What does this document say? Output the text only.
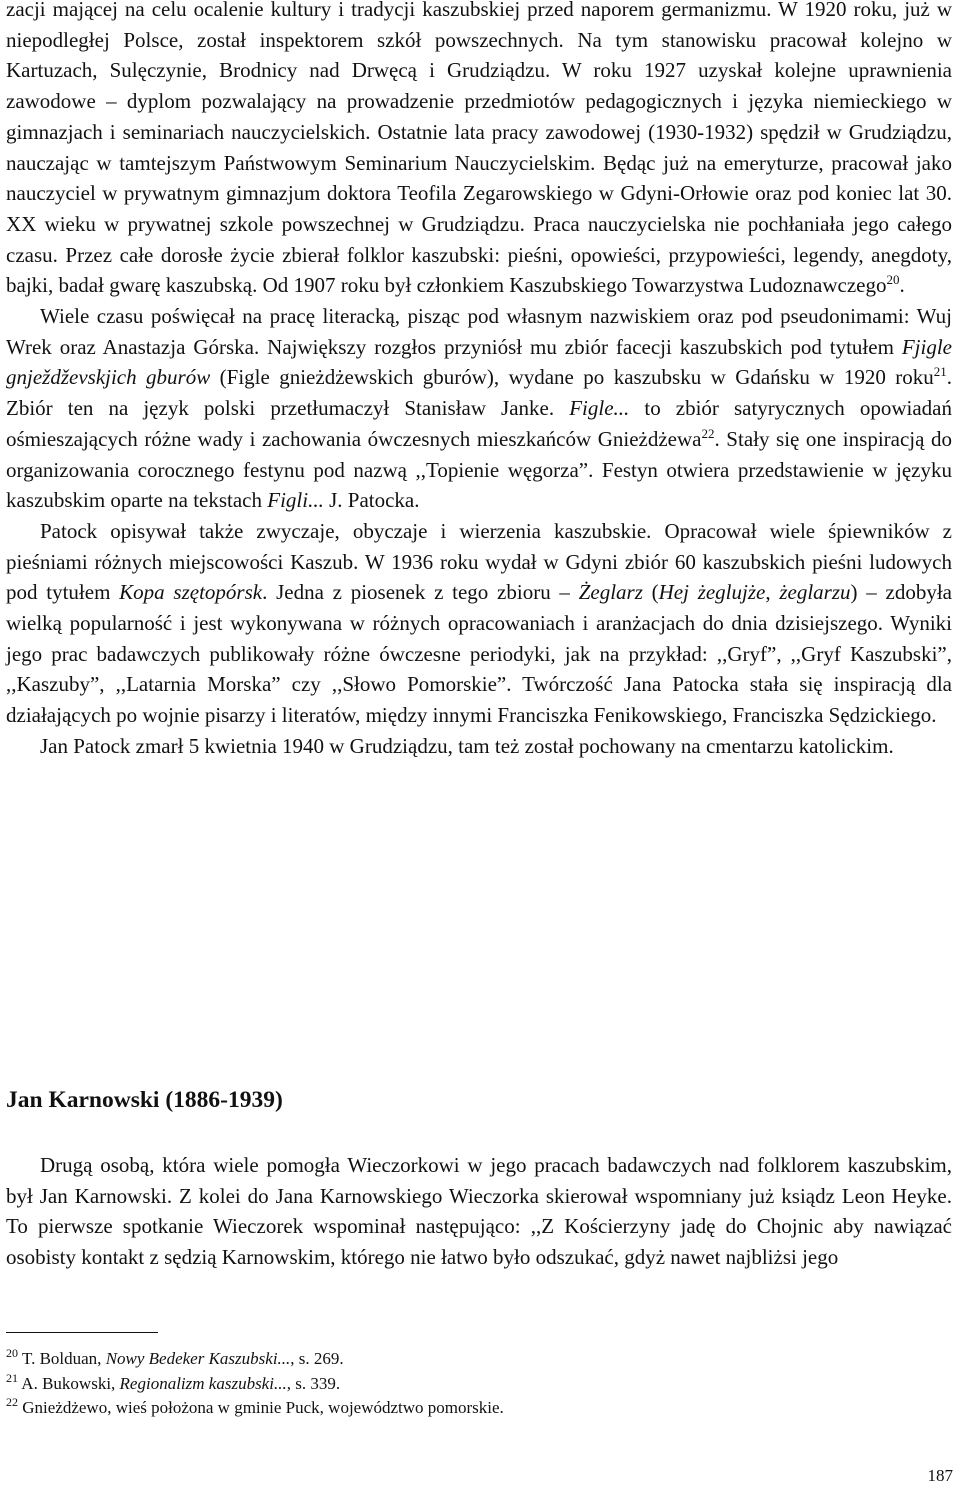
zacji mającej na celu ocalenie kultury i tradycji kaszubskiej przed naporem germanizmu. W 1920 roku, już w niepodległej Polsce, został inspektorem szkół powszechnych. Na tym stanowisku pracował kolejno w Kartuzach, Sulęczynie, Brodnicy nad Drwęcą i Grudziądzu. W roku 1927 uzyskał kolejne uprawnienia zawodowe – dyplom pozwalający na prowadzenie przedmiotów pedagogicznych i języka niemieckiego w gimnazjach i seminariach nauczycielskich. Ostatnie lata pracy zawodowej (1930-1932) spędził w Grudziądzu, nauczając w tamtejszym Państwowym Seminarium Nauczycielskim. Będąc już na emeryturze, pracował jako nauczyciel w prywatnym gimnazjum doktora Teofila Zegarowskiego w Gdyni-Orłowie oraz pod koniec lat 30. XX wieku w prywatnej szkole powszechnej w Grudziądzu. Praca nauczycielska nie pochłaniała jego całego czasu. Przez całe dorosłe życie zbierał folklor kaszubski: pieśni, opowieści, przypowieści, legendy, anegdoty, bajki, badał gwarę kaszubską. Od 1907 roku był członkiem Kaszubskiego Towarzystwa Ludoznawczego$^{20}$.

Wiele czasu poświęcał na pracę literacką, pisząc pod własnym nazwiskiem oraz pod pseudonimami: Wuj Wrek oraz Anastazja Górska. Największy rozgłos przyniósł mu zbiór facecji kaszubskich pod tytułem Fjigle gnježdževskjich gburów (Figle gnieżdżewskich gburów), wydane po kaszubsku w Gdańsku w 1920 roku$^{21}$. Zbiór ten na język polski przetłumaczył Stanisław Janke. Figle... to zbiór satyrycznych opowiadań ośmieszających różne wady i zachowania ówczesnych mieszkańców Gnieżdżewa$^{22}$. Stały się one inspiracją do organizowania corocznego festynu pod nazwą ,,Topienie węgorza”. Festyn otwiera przedstawienie w języku kaszubskim oparte na tekstach Figli... J. Patocka.

Patock opisywał także zwyczaje, obyczaje i wierzenia kaszubskie. Opracował wiele śpiewników z pieśniami różnych miejscowości Kaszub. W 1936 roku wydał w Gdyni zbiór 60 kaszubskich pieśni ludowych pod tytułem Kopa szętopórsk. Jedna z piosenek z tego zbioru – Żeglarz (Hej żeglujże, żeglarzu) – zdobyła wielką popularność i jest wykonywana w różnych opracowaniach i aranżacjach do dnia dzisiejszego. Wyniki jego prac badawczych publikowały różne ówczesne periodyki, jak na przykład: ,,Gryf”, ,,Gryf Kaszubski”, ,,Kaszuby”, ,,Latarnia Morska” czy ,,Słowo Pomorskie”. Twórczość Jana Patocka stała się inspiracją dla działających po wojnie pisarzy i literatów, między innymi Franciszka Fenikowskiego, Franciszka Sędzickiego.

Jan Patock zmarł 5 kwietnia 1940 w Grudziądzu, tam też został pochowany na cmentarzu katolickim.

Jan Karnowski (1886-1939)

Drugą osobą, która wiele pomogła Wieczorkowi w jego pracach badawczych nad folklorem kaszubskim, był Jan Karnowski. Z kolei do Jana Karnowskiego Wieczorka skierował wspomniany już ksiądz Leon Heyke. To pierwsze spotkanie Wieczorek wspominał następująco: ,,Z Kościerzyny jadę do Chojnic aby nawiązać osobisty kontakt z sędzią Karnowskim, którego nie łatwo było odszukać, gdyż nawet najbliżsi jego

$^{20}$ T. Bolduan, Nowy Bedeker Kaszubski..., s. 269.
$^{21}$ A. Bukowski, Regionalizm kaszubski..., s. 339.
$^{22}$ Gnieżdżewo, wieś położona w gminie Puck, województwo pomorskie.
187
